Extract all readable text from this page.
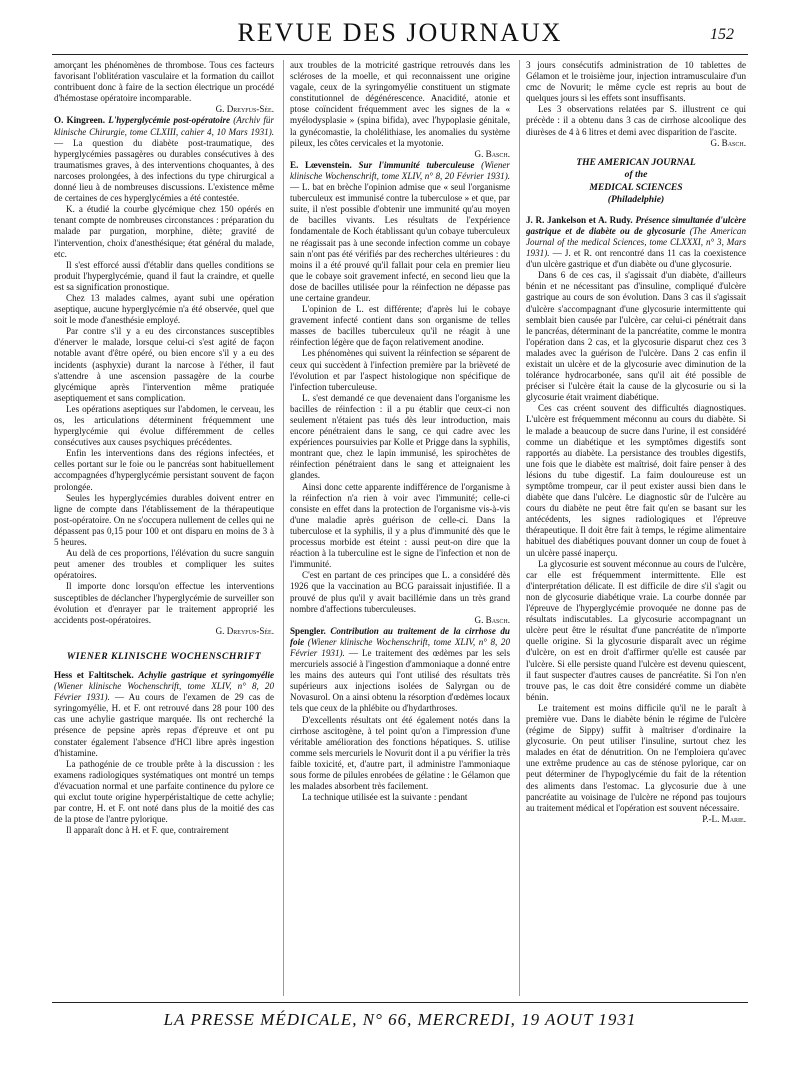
REVUE DES JOURNAUX	152

amorçant les phénomènes de thrombose. Tous ces facteurs favorisant l'oblitération vasculaire et la formation du caillot contribuent donc à faire de la section électrique un procédé d'hémostase opératoire incomparable.

G. Dreyfus-Sée.

O. Kingreen. L'hyperglycémie post-opératoire (Archiv für klinische Chirurgie, tome CLXIII, cahier 4, 10 Mars 1931). — La question du diabète post-traumatique, des hyperglycémies passagères ou durables consécutives à des traumatismes graves, à des interventions choquantes, à des narcoses prolongées, à des infections du type chirurgical a donné lieu à de nombreuses discussions. L'existence même de certaines de ces hyperglycémies a été contestée.

K. a étudié la courbe glycémique chez 150 opérés en tenant compte de nombreuses circonstances : préparation du malade par purgation, morphine, diète; gravité de l'intervention, choix d'anesthésique; état général du malade, etc.

Il s'est efforcé aussi d'établir dans quelles conditions se produit l'hyperglycémie, quand il faut la craindre, et quelle est sa signification pronostique.

Chez 13 malades calmes, ayant subi une opération aseptique, aucune hyperglycémie n'a été observée, quel que soit le mode d'anesthésie employé.

Par contre s'il y a eu des circonstances susceptibles d'énerver le malade, lorsque celui-ci s'est agité de façon notable avant d'être opéré, ou bien encore s'il y a eu des incidents (asphyxie) durant la narcose à l'éther, il faut s'attendre à une ascension passagère de la courbe glycémique après l'intervention même pratiquée aseptiquement et sans complication.

Les opérations aseptiques sur l'abdomen, le cerveau, les os, les articulations déterminent fréquemment une hyperglycémie qui évolue différemment de celles consécutives aux causes psychiques précédentes.

Enfin les interventions dans des régions infectées, et celles portant sur le foie ou le pancréas sont habituellement accompagnées d'hyperglycémie persistant souvent de façon prolongée.

Seules les hyperglycémies durables doivent entrer en ligne de compte dans l'établissement de la thérapeutique post-opératoire. On ne s'occupera nullement de celles qui ne dépassent pas 0,15 pour 100 et ont disparu en moins de 3 à 5 heures.

Au delà de ces proportions, l'élévation du sucre sanguin peut amener des troubles et compliquer les suites opératoires.

Il importe donc lorsqu'on effectue les interventions susceptibles de déclancher l'hyperglycémie de surveiller son évolution et d'enrayer par le traitement approprié les accidents post-opératoires.

G. Dreyfus-Sée.

WIENER KLINISCHE WOCHENSCHRIFT

Hess et Faltitschek. Achylie gastrique et syringomyélie (Wiener klinische Wochenschrift, tome XLIV, n° 8, 20 Février 1931). — Au cours de l'examen de 29 cas de syringomyélie, H. et F. ont retrouvé dans 28 pour 100 des cas une achylie gastrique marquée. Ils ont recherché la présence de pepsine après repas d'épreuve et ont pu constater également l'absence d'HCl libre après ingestion d'histamine.

La pathogénie de ce trouble prête à la discussion : les examens radiologiques systématiques ont montré un temps d'évacuation normal et une parfaite continence du pylore ce qui exclut toute origine hyperpéristaltique de cette achylie; par contre, H. et F. ont noté dans plus de la moitié des cas de la ptose de l'antre pylorique.

Il apparaît donc à H. et F. que, contrairement

aux troubles de la motricité gastrique retrouvés dans les scléroses de la moelle, et qui reconnaissent une origine vagale, ceux de la syringomyélie constituent un stigmate constitutionnel de dégénérescence. Anacidité, atonie et ptose coïncident fréquemment avec les signes de la « myélodysplasie » (spina bifida), avec l'hypoplasie génitale, la gynécomastie, la cholélithiase, les anomalies du système pileux, les côtes cervicales et la myotonie.

G. Basch.

E. Lœvenstein. Sur l'immunité tuberculeuse (Wiener klinische Wochenschrift, tome XLIV, n° 8, 20 Février 1931). — L. bat en brèche l'opinion admise que « seul l'organisme tuberculeux est immunisé contre la tuberculose » et que, par suite, il n'est possible d'obtenir une immunité qu'au moyen de bacilles vivants. Les résultats de l'expérience fondamentale de Koch établissant qu'un cobaye tuberculeux ne réagissait pas à une seconde infection comme un cobaye sain n'ont pas été vérifiés par des recherches ultérieures : du moins il a été prouvé qu'il fallait pour cela en premier lieu que le cobaye soit gravement infecté, en second lieu que la dose de bacilles utilisée pour la réinfection ne dépasse pas une certaine grandeur.

L'opinion de L. est différente; d'après lui le cobaye gravement infecté contient dans son organisme de telles masses de bacilles tuberculeux qu'il ne réagit à une réinfection légère que de façon relativement anodine.

Les phénomènes qui suivent la réinfection se séparent de ceux qui succèdent à l'infection première par la brièveté de l'évolution et par l'aspect histologique non spécifique de l'infection tuberculeuse.

L. s'est demandé ce que devenaient dans l'organisme les bacilles de réinfection : il a pu établir que ceux-ci non seulement n'étaient pas tués dès leur introduction, mais encore pénétraient dans le sang, ce qui cadre avec les expériences poursuivies par Kolle et Prigge dans la syphilis, montrant que, chez le lapin immunisé, les spirochètes de réinfection pénétraient dans le sang et atteignaient les glandes.

Ainsi donc cette apparente indifférence de l'organisme à la réinfection n'a rien à voir avec l'immunité; celle-ci consiste en effet dans la protection de l'organisme vis-à-vis d'une maladie après guérison de celle-ci. Dans la tuberculose et la syphilis, il y a plus d'immunité dès que le processus morbide est éteint : aussi peut-on dire que la réaction à la tuberculine est le signe de l'infection et non de l'immunité.

C'est en partant de ces principes que L. a considéré dès 1926 que la vaccination au BCG paraissait injustifiée. Il a prouvé de plus qu'il y avait bacillémie dans un très grand nombre d'affections tuberculeuses.

G. Basch.

Spengler. Contribution au traitement de la cirrhose du foie (Wiener klinische Wochenschrift, tome XLIV, n° 8, 20 Février 1931). — Le traitement des œdèmes par les sels mercuriels associé à l'ingestion d'ammoniaque a donné entre les mains des auteurs qui l'ont utilisé des résultats très supérieurs aux injections isolées de Salyrgan ou de Novasurol. On a ainsi obtenu la résorption d'œdèmes locaux tels que ceux de la phlébite ou d'hydarthroses.

D'excellents résultats ont été également notés dans la cirrhose ascitogène, à tel point qu'on a l'impression d'une véritable amélioration des fonctions hépatiques. S. utilise comme sels mercuriels le Novurit dont il a pu vérifier la très faible toxicité, et, d'autre part, il administre l'ammoniaque sous forme de pilules enrobées de gélatine : le Gélamon que les malades absorbent très facilement.

La technique utilisée est la suivante : pendant

3 jours consécutifs administration de 10 tablettes de Gélamon et le troisième jour, injection intramusculaire d'un cmc de Novurit; le même cycle est repris au bout de quelques jours si les effets sont insuffisants.

Les 3 observations relatées par S. illustrent ce qui précède : il a obtenu dans 3 cas de cirrhose alcoolique des diurèses de 4 à 6 litres et demi avec disparition de l'ascite.

G. Basch.

THE AMERICAN JOURNAL
of the
MEDICAL SCIENCES
(Philadelphie)

J. R. Jankelson et A. Rudy. Présence simultanée d'ulcère gastrique et de diabète ou de glycosurie (The American Journal of the medical Sciences, tome CLXXXI, n° 3, Mars 1931). — J. et R. ont rencontré dans 11 cas la coexistence d'un ulcère gastrique et d'un diabète ou d'une glycosurie.

Dans 6 de ces cas, il s'agissait d'un diabète, d'ailleurs bénin et ne nécessitant pas d'insuline, compliqué d'ulcère gastrique au cours de son évolution. Dans 3 cas il s'agissait d'ulcère s'accompagnant d'une glycosurie intermittente qui semblait bien causée par l'ulcère, car celui-ci pénétrait dans le pancréas, déterminant de la pancréatite, comme le montra l'opération dans 2 cas, et la glycosurie disparut chez ces 3 malades avec la guérison de l'ulcère. Dans 2 cas enfin il existait un ulcère et de la glycosurie avec diminution de la tolérance hydrocarbonée, sans qu'il ait été possible de préciser si l'ulcère était la cause de la glycosurie ou si la glycosurie était vraiment diabétique.

Ces cas créent souvent des difficultés diagnostiques. L'ulcère est fréquemment méconnu au cours du diabète. Si le malade a beaucoup de sucre dans l'urine, il est considéré comme un diabétique et les symptômes digestifs sont rapportés au diabète. La persistance des troubles digestifs, une fois que le diabète est maîtrisé, doit faire penser à des lésions du tube digestif. La faim douloureuse est un symptôme trompeur, car il peut exister aussi bien dans le diabète que dans l'ulcère. Le diagnostic sûr de l'ulcère au cours du diabète ne peut être fait qu'en se basant sur les antécédents, les signes radiologiques et l'épreuve thérapeutique. Il doit être fait à temps, le régime alimentaire habituel des diabétiques pouvant donner un coup de fouet à un ulcère passé inaperçu.

La glycosurie est souvent méconnue au cours de l'ulcère, car elle est fréquemment intermittente. Elle est d'interprétation délicate. Il est difficile de dire s'il s'agit ou non de glycosurie diabétique vraie. La courbe donnée par l'épreuve de l'hyperglycémie provoquée ne donne pas de résultats indiscutables. La glycosurie accompagnant un ulcère peut être le résultat d'une pancréatite de n'importe quelle origine. Si la glycosurie disparaît avec un régime d'ulcère, on est en droit d'affirmer qu'elle est causée par l'ulcère. Si elle persiste quand l'ulcère est devenu quiescent, il faut suspecter d'autres causes de pancréatite. Si l'on n'en trouve pas, le cas doit être considéré comme un diabète bénin.

Le traitement est moins difficile qu'il ne le paraît à première vue. Dans le diabète bénin le régime de l'ulcère (régime de Sippy) suffit à maîtriser d'ordinaire la glycosurie. On peut utiliser l'insuline, surtout chez les malades en état de dénutrition. On ne l'emploiera qu'avec une extrême prudence au cas de sténose pylorique, car on peut déterminer de l'hypoglycémie du fait de la rétention des aliments dans l'estomac. La glycosurie due à une pancréatite au voisinage de l'ulcère ne répond pas toujours au traitement médical et l'opération est souvent nécessaire.

P.-L. Marie.

LA PRESSE MÉDICALE, N° 66, MERCREDI, 19 AOUT 1931
